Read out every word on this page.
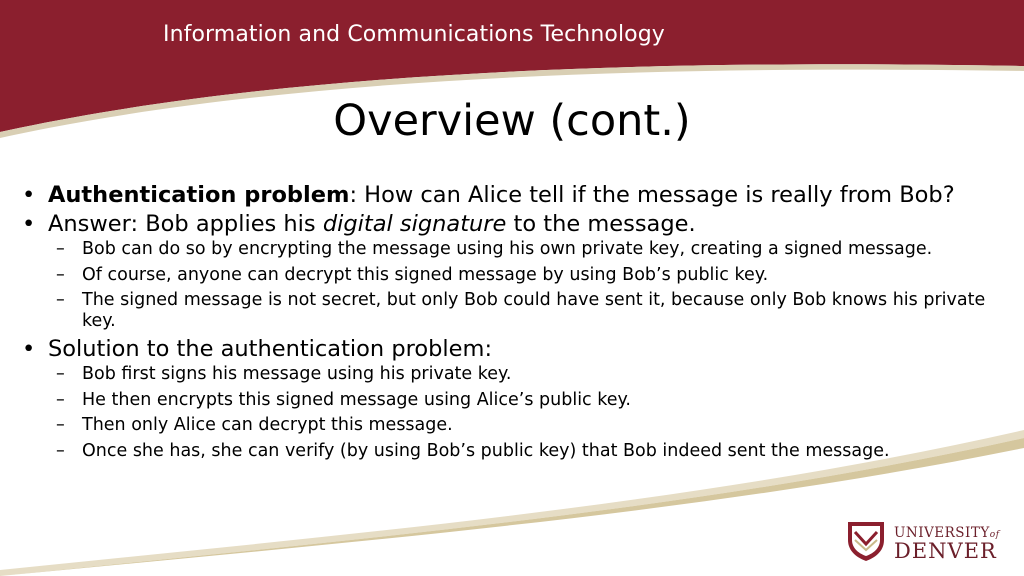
Information and Communications Technology
Overview (cont.)
• Authentication problem: How can Alice tell if the message is really from Bob?
• Answer: Bob applies his digital signature to the message.
– Bob can do so by encrypting the message using his own private key, creating a signed message.
– Of course, anyone can decrypt this signed message by using Bob’s public key.
– The signed message is not secret, but only Bob could have sent it, because only Bob knows his private key.
• Solution to the authentication problem:
– Bob first signs his message using his private key.
– He then encrypts this signed message using Alice’s public key.
– Then only Alice can decrypt this message.
– Once she has, she can verify (by using Bob’s public key) that Bob indeed sent the message.
UNIVERSITYof
DENVER
